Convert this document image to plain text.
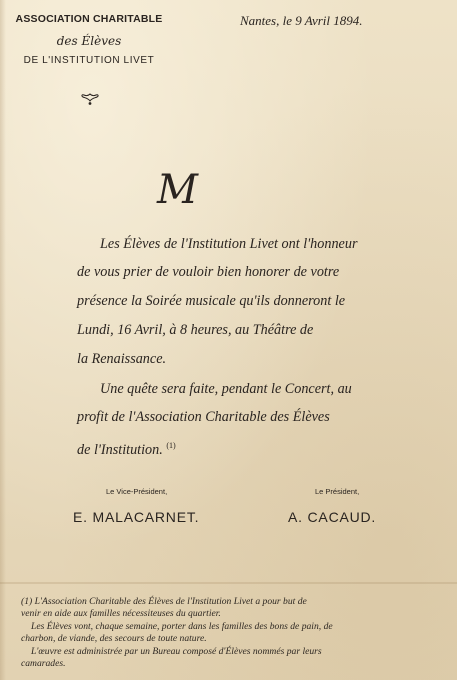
ASSOCIATION CHARITABLE
des Élèves
DE L'INSTITUTION LIVET
Nantes, le 9 Avril 1894.
M
Les Élèves de l'Institution Livet ont l'honneur
de vous prier de vouloir bien honorer de votre
présence la Soirée musicale qu'ils donneront le
Lundi, 16 Avril, à 8 heures, au Théâtre de
la Renaissance.
Une quête sera faite, pendant le Concert, au
profit de l'Association Charitable des Élèves
de l'Institution. $^{(1)}$
Le Vice-Président,
E. MALACARNET.
Le Président,
A. CACAUD.
(1) L'Association Charitable des Élèves de l'Institution Livet a pour but de
venir en aide aux familles nécessiteuses du quartier.
Les Élèves vont, chaque semaine, porter dans les familles des bons de pain, de
charbon, de viande, des secours de toute nature.
L'œuvre est administrée par un Bureau composé d'Élèves nommés par leurs
camarades.
